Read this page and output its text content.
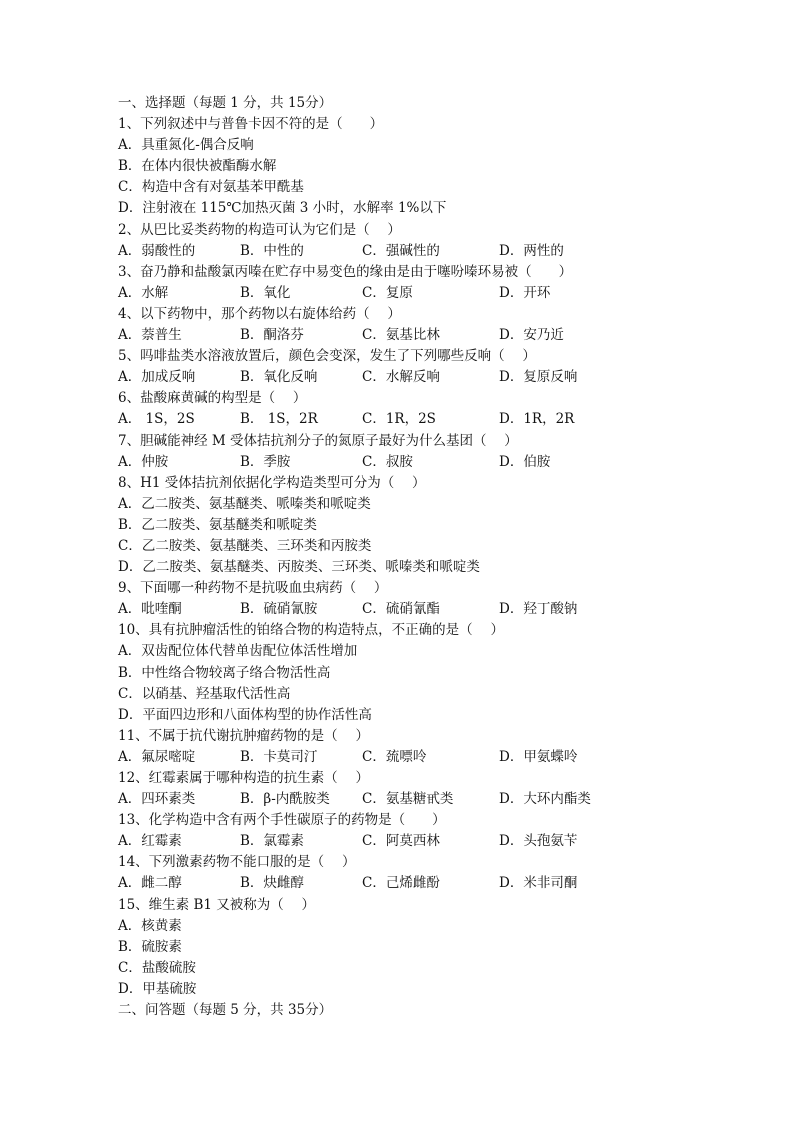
一、选择题（每题 1 分，共 15分）
1、下列叙述中与普鲁卡因不符的是（　　）
A．具重氮化-偶合反响
B．在体内很快被酯酶水解
C．构造中含有对氨基苯甲酰基
D．注射液在 115℃加热灭菌 3 小时，水解率 1%以下
2、从巴比妥类药物的构造可认为它们是（　 ）
A．弱酸性的	B．中性的	C．强碱性的	D．两性的
3、奋乃静和盐酸氯丙嗪在贮存中易变色的缘由是由于噻吩嗪环易被（　　）
A．水解	B．氧化	C．复原	D．开环
4、以下药物中，那个药物以右旋体给药（　 ）
A．萘普生	B．酮洛芬	C．氨基比林	D．安乃近
5、吗啡盐类水溶液放置后，颜色会变深，发生了下列哪些反响（　 ）
A．加成反响	B．氧化反响	C．水解反响	D．复原反响
6、盐酸麻黄碱的构型是（　 ）
A． 1S，2S	B． 1S，2R	C．1R，2S	D．1R，2R
7、胆碱能神经 M 受体拮抗剂分子的氮原子最好为什么基团（　 ）
A．仲胺	B．季胺	C．叔胺	D．伯胺
8、H1 受体拮抗剂依据化学构造类型可分为（　 ）
A．乙二胺类、氨基醚类、哌嗪类和哌啶类
B．乙二胺类、氨基醚类和哌啶类
C．乙二胺类、氨基醚类、三环类和丙胺类
D．乙二胺类、氨基醚类、丙胺类、三环类、哌嗪类和哌啶类
9、下面哪一种药物不是抗吸血虫病药（　 ）
A．吡喹酮	B．硫硝氰胺	C．硫硝氰酯	D．羟丁酸钠
10、具有抗肿瘤活性的铂络合物的构造特点，不正确的是（　 ）
A．双齿配位体代替单齿配位体活性增加
B．中性络合物较离子络合物活性高
C．以硝基、羟基取代活性高
D．平面四边形和八面体构型的协作活性高
11、不属于抗代谢抗肿瘤药物的是（　 ）
A．氟尿嘧啶	B．卡莫司汀	C．巯嘌呤	D．甲氨蝶呤
12、红霉素属于哪种构造的抗生素（　 ）
A．四环素类	B．β-内酰胺类	C．氨基糖甙类	D．大环内酯类
13、化学构造中含有两个手性碳原子的药物是（　　）
A．红霉素	B．氯霉素	C．阿莫西林	D．头孢氨苄
14、下列激素药物不能口服的是（　 ）
A．雌二醇	B．炔雌醇	C．己烯雌酚	D．米非司酮
15、维生素 B1 又被称为（　 ）
A．核黄素
B．硫胺素
C．盐酸硫胺
D．甲基硫胺
二、问答题（每题 5 分，共 35分）
